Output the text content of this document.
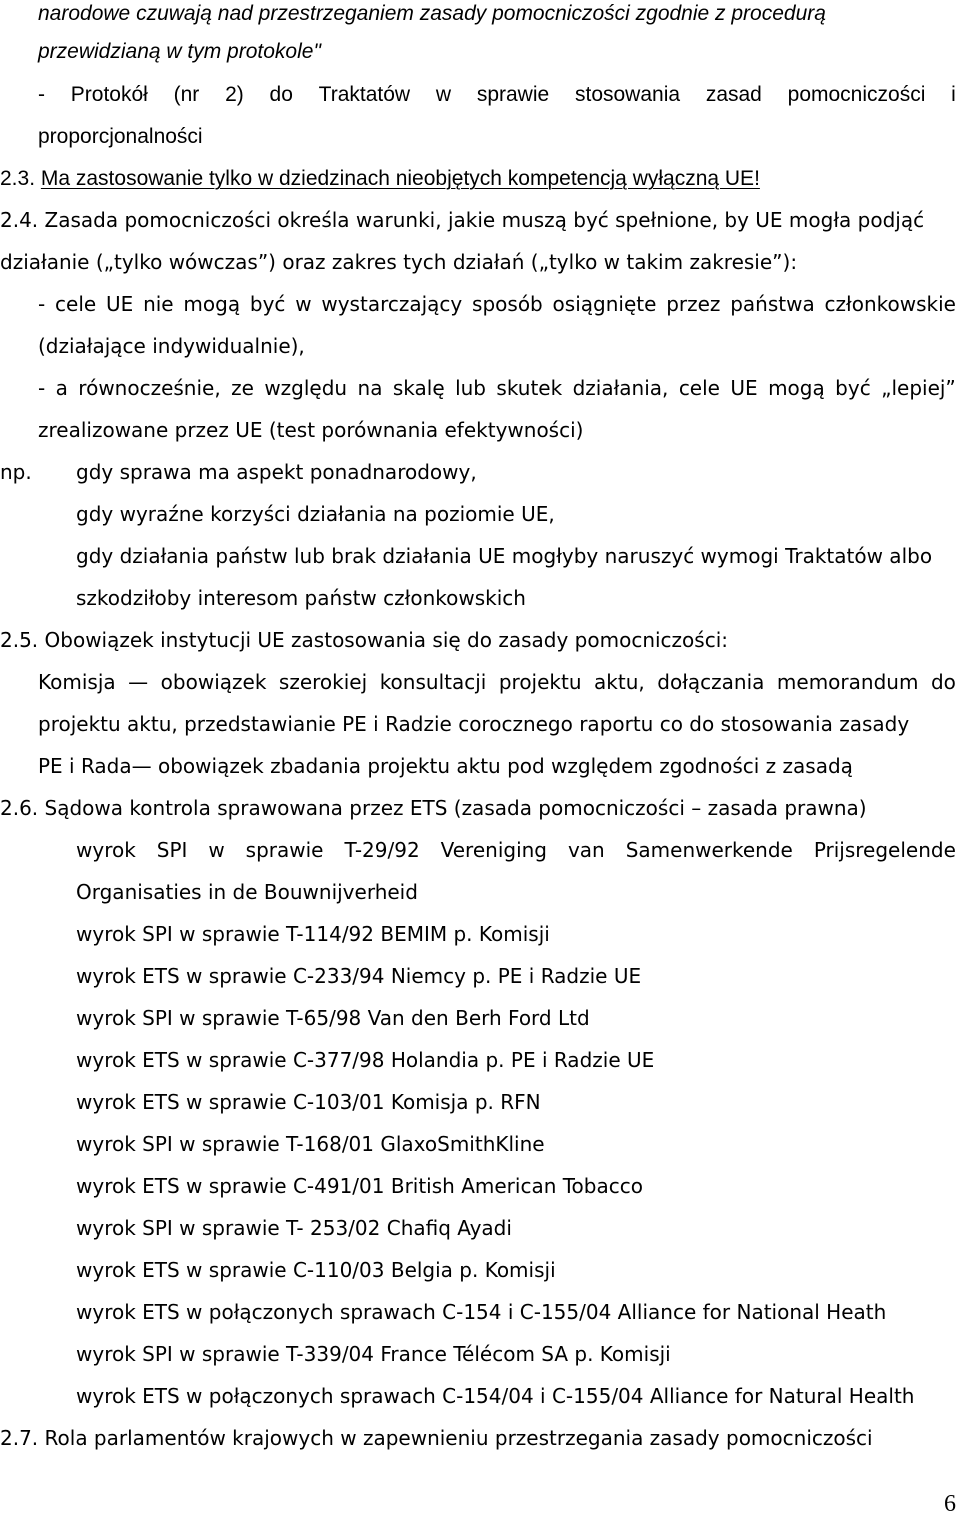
narodowe czuwają nad przestrzeganiem zasady pomocniczości zgodnie z procedurą
przewidzianą w tym protokole"
- Protokół (nr 2) do Traktatów w sprawie stosowania zasad pomocniczości i
proporcjonalności
2.3. Ma zastosowanie tylko w dziedzinach nieobjętych kompetencją wyłączną UE!
2.4. Zasada pomocniczości określa warunki, jakie muszą być spełnione, by UE mogła podjąć
działanie („tylko wówczas”) oraz zakres tych działań („tylko w takim zakresie”):
- cele UE nie mogą być w wystarczający sposób osiągnięte przez państwa członkowskie
(działające indywidualnie),
- a równocześnie, ze względu na skalę lub skutek działania, cele UE mogą być „lepiej”
zrealizowane przez UE (test porównania efektywności)
np. gdy sprawa ma aspekt ponadnarodowy,
gdy wyraźne korzyści działania na poziomie UE,
gdy działania państw lub brak działania UE mogłyby naruszyć wymogi Traktatów albo
szkodziłoby interesom państw członkowskich
2.5. Obowiązek instytucji UE zastosowania się do zasady pomocniczości:
Komisja — obowiązek szerokiej konsultacji projektu aktu, dołączania memorandum do
projektu aktu, przedstawianie PE i Radzie corocznego raportu co do stosowania zasady
PE i Rada— obowiązek zbadania projektu aktu pod względem zgodności z zasadą
2.6. Sądowa kontrola sprawowana przez ETS (zasada pomocniczości – zasada prawna)
wyrok SPI w sprawie T-29/92 Vereniging van Samenwerkende Prijsregelende
Organisaties in de Bouwnijverheid
wyrok SPI w sprawie T-114/92 BEMIM p. Komisji
wyrok ETS w sprawie C-233/94 Niemcy p. PE i Radzie UE
wyrok SPI w sprawie T-65/98 Van den Berh Ford Ltd
wyrok ETS w sprawie C-377/98 Holandia p. PE i Radzie UE
wyrok ETS w sprawie C-103/01 Komisja p. RFN
wyrok SPI w sprawie T-168/01 GlaxoSmithKline
wyrok ETS w sprawie C-491/01 British American Tobacco
wyrok SPI w sprawie T- 253/02 Chafiq Ayadi
wyrok ETS w sprawie C-110/03 Belgia p. Komisji
wyrok ETS w połączonych sprawach C-154 i C-155/04 Alliance for National Heath
wyrok SPI w sprawie T-339/04 France Télécom SA p. Komisji
wyrok ETS w połączonych sprawach C-154/04 i C-155/04 Alliance for Natural Health
2.7. Rola parlamentów krajowych w zapewnieniu przestrzegania zasady pomocniczości
6
